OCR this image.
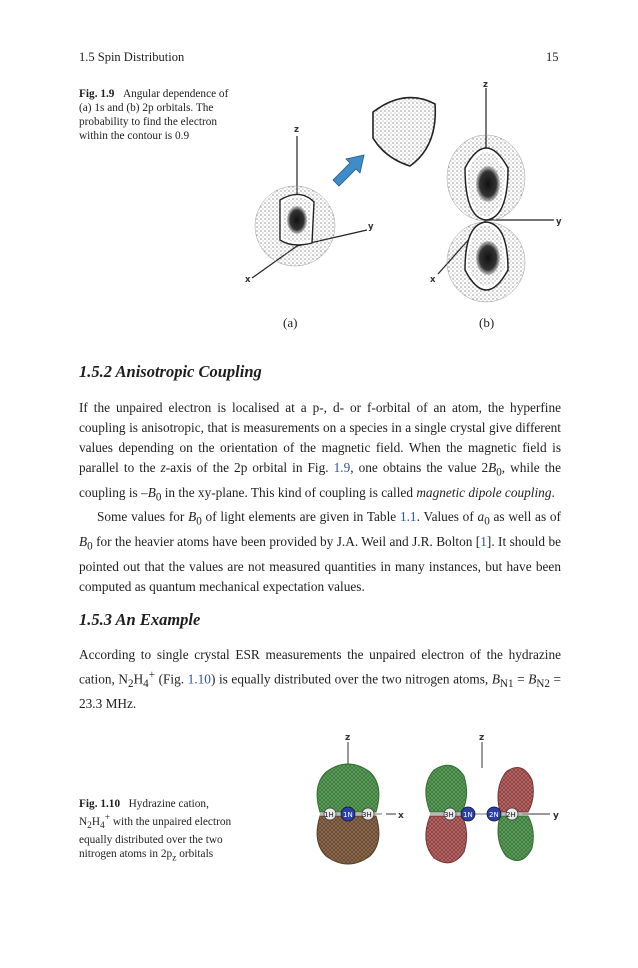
1.5 Spin Distribution	15
Fig. 1.9 Angular dependence of (a) 1s and (b) 2p orbitals. The probability to find the electron within the contour is 0.9	z
y
x
z
y
x
(a)	(b)
1.5.2 Anisotropic Coupling

If the unpaired electron is localised at a p-, d- or f-orbital of an atom, the hyperfine coupling is anisotropic, that is measurements on a species in a single crystal give different values depending on the orientation of the magnetic field. When the magnetic field is parallel to the z-axis of the 2p orbital in Fig. 1.9, one obtains the value $2B_0$, while the coupling is $-B_0$ in the xy-plane. This kind of coupling is called magnetic dipole coupling.

Some values for $B_0$ of light elements are given in Table 1.1. Values of $a_0$ as well as of $B_0$ for the heavier atoms have been provided by J.A. Weil and J.R. Bolton [1]. It should be pointed out that the values are not measured quantities in many instances, but have been computed as quantum mechanical expectation values.

1.5.3 An Example

According to single crystal ESR measurements the unpaired electron of the hydrazine cation, $N_2H_4^+$ (Fig. 1.10) is equally distributed over the two nitrogen atoms, $B_{N1} = B_{N2} = 23.3$ MHz.

Fig. 1.10 Hydrazine cation, $N_2H_4^+$ with the unpaired electron equally distributed over the two nitrogen atoms in $2p_z$ orbitals
1H 1N 3H
z
x	3H 1N 2N 2H
z
y
